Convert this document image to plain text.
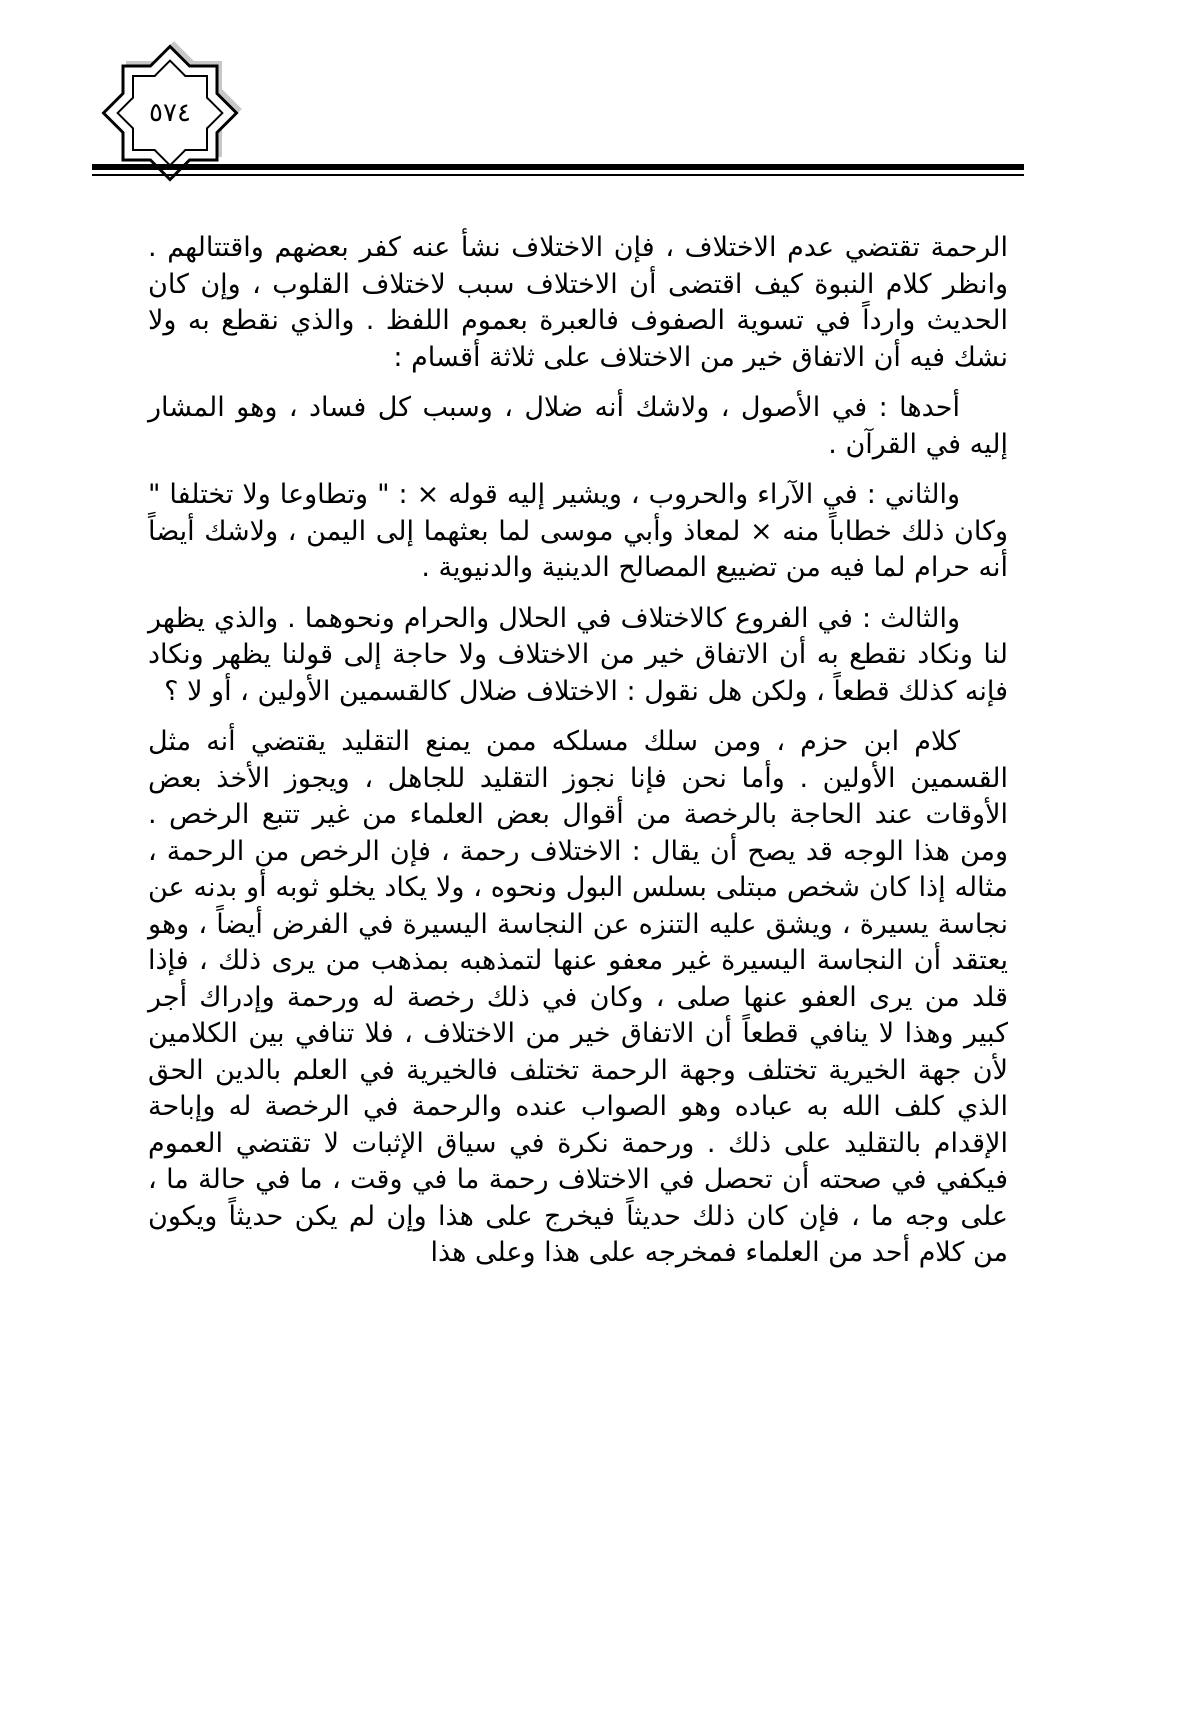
٥٧٤

الرحمة تقتضي عدم الاختلاف ، فإن الاختلاف نشأ عنه كفر بعضهم واقتتالهم . وانظر كلام النبوة كيف اقتضى أن الاختلاف سبب لاختلاف القلوب ، وإن كان الحديث وارداً في تسوية الصفوف فالعبرة بعموم اللفظ . والذي نقطع به ولا نشك فيه أن الاتفاق خير من الاختلاف على ثلاثة أقسام :

أحدها : في الأصول ، ولاشك أنه ضلال ، وسبب كل فساد ، وهو المشار إليه في القرآن .

والثاني : في الآراء والحروب ، ويشير إليه قوله × : " وتطاوعا ولا تختلفا " وكان ذلك خطاباً منه × لمعاذ وأبي موسى لما بعثهما إلى اليمن ، ولاشك أيضاً أنه حرام لما فيه من تضييع المصالح الدينية والدنيوية .

والثالث : في الفروع كالاختلاف في الحلال والحرام ونحوهما . والذي يظهر لنا ونكاد نقطع به أن الاتفاق خير من الاختلاف ولا حاجة إلى قولنا يظهر ونكاد فإنه كذلك قطعاً ، ولكن هل نقول : الاختلاف ضلال كالقسمين الأولين ، أو لا ؟

كلام ابن حزم ، ومن سلك مسلكه ممن يمنع التقليد يقتضي أنه مثل القسمين الأولين . وأما نحن فإنا نجوز التقليد للجاهل ، ويجوز الأخذ بعض الأوقات عند الحاجة بالرخصة من أقوال بعض العلماء من غير تتبع الرخص . ومن هذا الوجه قد يصح أن يقال : الاختلاف رحمة ، فإن الرخص من الرحمة ، مثاله إذا كان شخص مبتلى بسلس البول ونحوه ، ولا يكاد يخلو ثوبه أو بدنه عن نجاسة يسيرة ، ويشق عليه التنزه عن النجاسة اليسيرة في الفرض أيضاً ، وهو يعتقد أن النجاسة اليسيرة غير معفو عنها لتمذهبه بمذهب من يرى ذلك ، فإذا قلد من يرى العفو عنها صلى ، وكان في ذلك رخصة له ورحمة وإدراك أجر كبير وهذا لا ينافي قطعاً أن الاتفاق خير من الاختلاف ، فلا تنافي بين الكلامين لأن جهة الخيرية تختلف وجهة الرحمة تختلف فالخيرية في العلم بالدين الحق الذي كلف الله به عباده وهو الصواب عنده والرحمة في الرخصة له وإباحة الإقدام بالتقليد على ذلك . ورحمة نكرة في سياق الإثبات لا تقتضي العموم فيكفي في صحته أن تحصل في الاختلاف رحمة ما في وقت ، ما في حالة ما ، على وجه ما ، فإن كان ذلك حديثاً فيخرج على هذا وإن لم يكن حديثاً ويكون من كلام أحد من العلماء فمخرجه على هذا وعلى هذا
